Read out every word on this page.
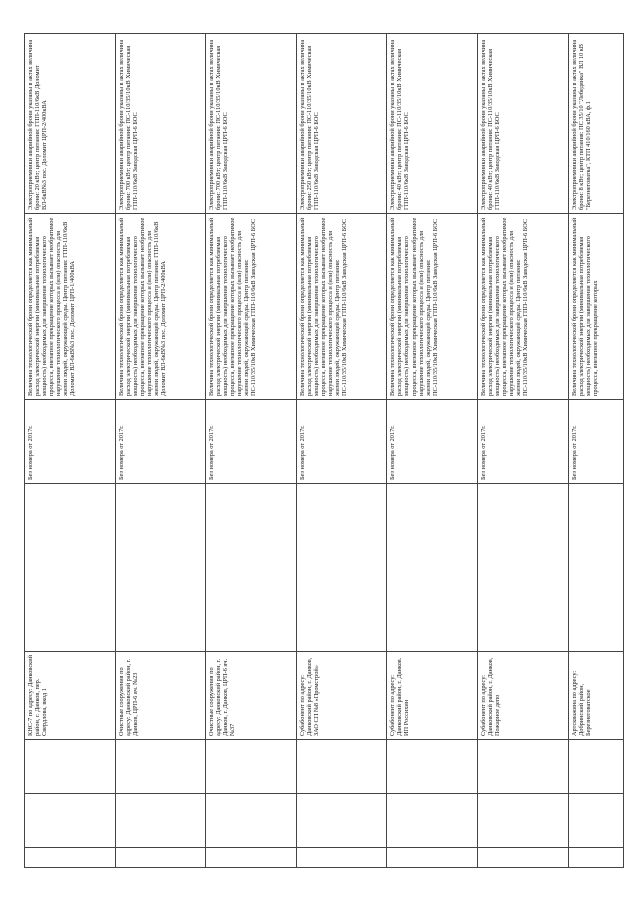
			КНС-7 по адресу: Данковский район, г. Данков, пер. Свердлова, вкод 1		Без номера от 2017г.	Величина технологической брони определяется как минимальный расход электрической энергии (минимальная потребляемая мощность) необходимых для завершения технологического процесса, внезапное прекращение которых вызывает необратимое нарушение технологического процесса и (или) опасность для жизни людей, окружающей среды. Центр питания: ГПП-110/6кВ Доломит ВЛ-6кВ№3 пос. Доломит ЦРП-1/400кВА	Электроприемники аварийной брони указаны в актах величина брони: 20 кВт; центр питания: ГПП-110/6кВ Доломит ВЛ-6кВ№3 пос. Доломит ЦРП-2/400кВА
			Очистные сооружения по адресу: Данковский район, г. Данков, ЦРП-6 яч. №23		Без номера от 2017г.	Величина технологической брони определяется как минимальный расход электрической энергии (минимальная потребляемая мощность) необходимых для завершения технологического процесса, внезапное прекращение которых вызывает необратимое нарушение технологического процесса и (или) опасность для жизни людей, окружающей среды. Центр питания: ГПП-110/6кВ Доломит ВЛ-6кВ№3 пос. Доломит ЦРП-2/400кВА	Электроприемники аварийной брони указаны в актах величина брони: 700 кВт; центр питания: ПС-110/35/10кВ Химическая ГПП-110/6кВ Заводская ЦРП-6 БОС
			Очистные сооружения по адресу: Данковский район, г. Данков, г. Данков, ЦРП-6 яч. №37		Без номера от 2017г.	Величина технологической брони определяется как минимальный расход электрической энергии (минимальная потребляемая мощность) необходимых для завершения технологического процесса, внезапное прекращение которых вызывает необратимое нарушение технологического процесса и (или) опасность для жизни людей, окружающей среды. Центр питания: ПС-110/35/10кВ Химическая ГПП-110/6кВ Заводская ЦРП-6 БОС	Электроприемники аварийной брони указаны в актах величина брони: 700 кВт; центр питания: ПС-110/35/10кВ Химическая ГПП-110/6кВ Заводская ЦРП-6 БОС
			Субабонент по адресу: Данковский район, г. Данков, ЗАО СП №8 «Промстрой»		Без номера от 2017г.	Величина технологической брони определяется как минимальный расход электрической энергии (минимальная потребляемая мощность) необходимых для завершения технологического процесса, внезапное прекращение которых вызывает необратимое нарушение технологического процесса и (или) опасность для жизни людей, окружающей среды. Центр питания: ПС-110/35/10кВ Химическая ГПП-110/6кВ Заводская ЦРП-6 БОС	Электроприемники аварийной брони указаны в актах величина брони: 250 кВт; центр питания: ПС-110/35/10кВ Химическая ГПП-110/6кВ Заводская ЦРП-6 БОС
			Субабонент по адресу: Данковский район, г. Данков. ИП Россихин		Без номера от 2017г.	Величина технологической брони определяется как минимальный расход электрической энергии (минимальная потребляемая мощность) необходимых для завершения технологического процесса, внезапное прекращение которых вызывает необратимое нарушение технологического процесса и (или) опасность для жизни людей, окружающей среды. Центр питания: ПС-110/35/10кВ Химическая ГПП-110/6кВ Заводская ЦРП-6 БОС	Электроприемники аварийной брони указаны в актах величина брони: 40 кВт; центр питания: ПС-110/35/10кВ Химическая ГПП-110/6кВ Заводская ЦРП-6 БОС
			Субабонент по адресу: Данковский район, г. Данков, Пожарное депо		Без номера от 2017г.	Величина технологической брони определяется как минимальный расход электрической энергии (минимальная потребляемая мощность) необходимых для завершения технологического процесса, внезапное прекращение которых вызывает необратимое нарушение технологического процесса и (или) опасность для жизни людей, окружающей среды. Центр питания: ПС-110/35/10кВ Химическая ГПП-110/6кВ Заводская ЦРП-6 БОС	Электроприемники аварийной брони указаны в актах величина брони: 40 кВт; центр питания: ПС-110/35/10кВ Химическая ГПП-110/6кВ Заводская ЦРП-6 БОС
			Артскважина по адресу: Добринский район, Березнеговатское		Без номера от 2017г.	Величина технологической брони определяется как минимальный расход электрической энергии (минимальная потребляемая мощность) необходимых для завершения технологического процесса, внезапное прекращение которых	Электроприемники аварийной брони указаны в актах величина брони: 8 кВт; центр питания: ПС 35/10 "Лебедянка" ВЛ 10 кВ "Березнеговатка", КТП 410/160 кВА, ф.1
